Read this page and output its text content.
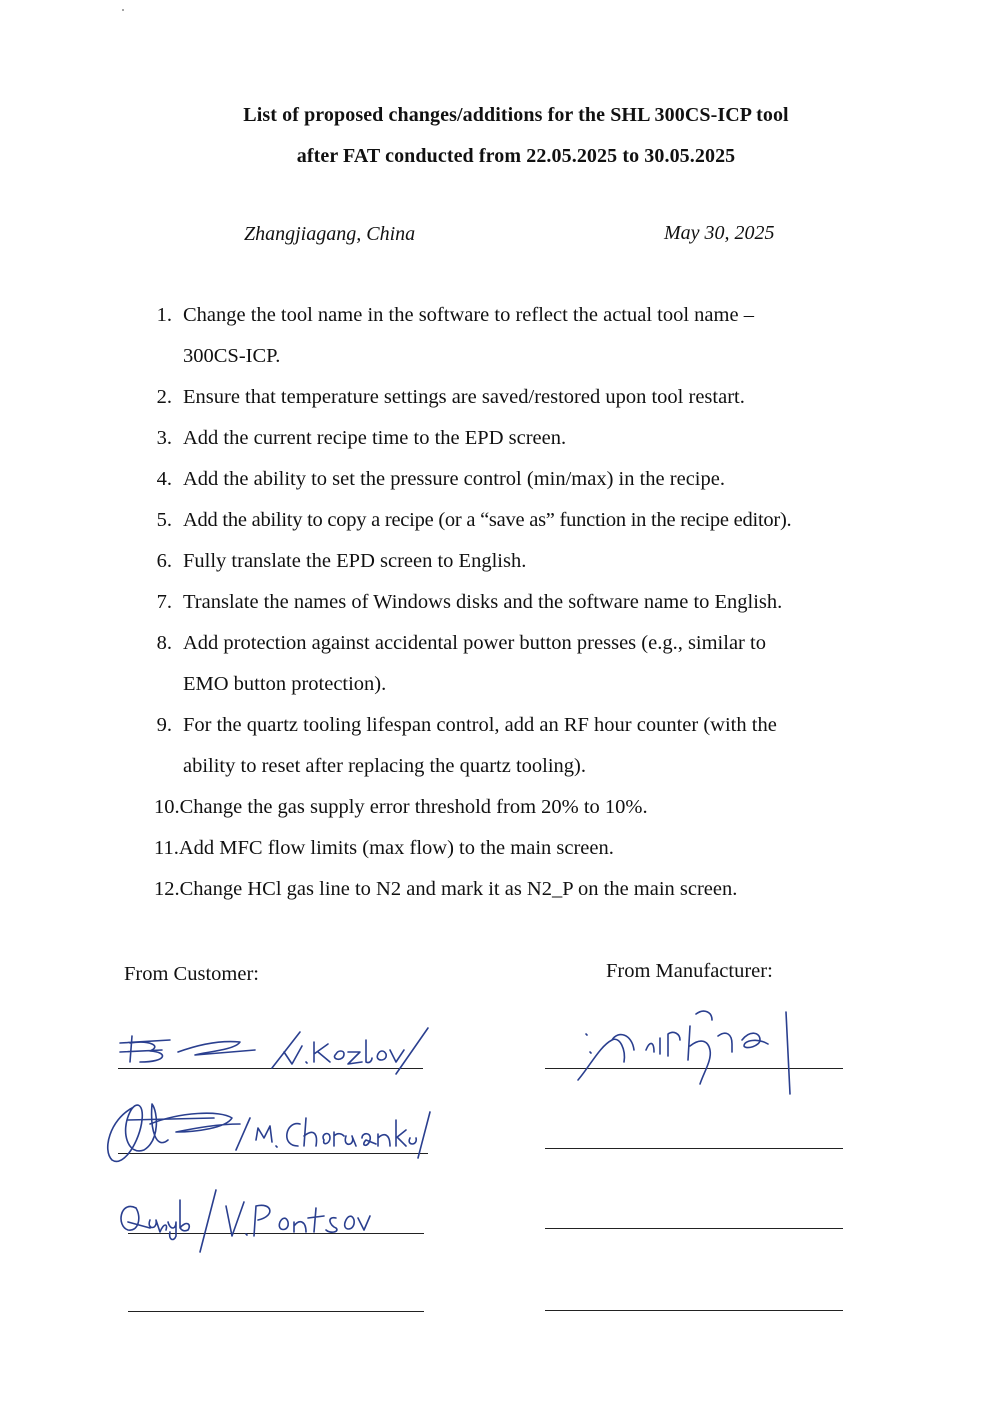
List of proposed changes/additions for the SHL 300CS-ICP tool
after FAT conducted from 22.05.2025 to 30.05.2025
Zhangjiagang, China	May 30, 2025
1. Change the tool name in the software to reflect the actual tool name –
300CS-ICP.
2. Ensure that temperature settings are saved/restored upon tool restart.
3. Add the current recipe time to the EPD screen.
4. Add the ability to set the pressure control (min/max) in the recipe.
5. Add the ability to copy a recipe (or a “save as” function in the recipe editor).
6. Fully translate the EPD screen to English.
7. Translate the names of Windows disks and the software name to English.
8. Add protection against accidental power button presses (e.g., similar to
EMO button protection).
9. For the quartz tooling lifespan control, add an RF hour counter (with the
ability to reset after replacing the quartz tooling).
10.Change the gas supply error threshold from 20% to 10%.
11.Add MFC flow limits (max flow) to the main screen.
12.Change HCl gas line to N2 and mark it as N2_P on the main screen.
From Customer:	From Manufacturer:
